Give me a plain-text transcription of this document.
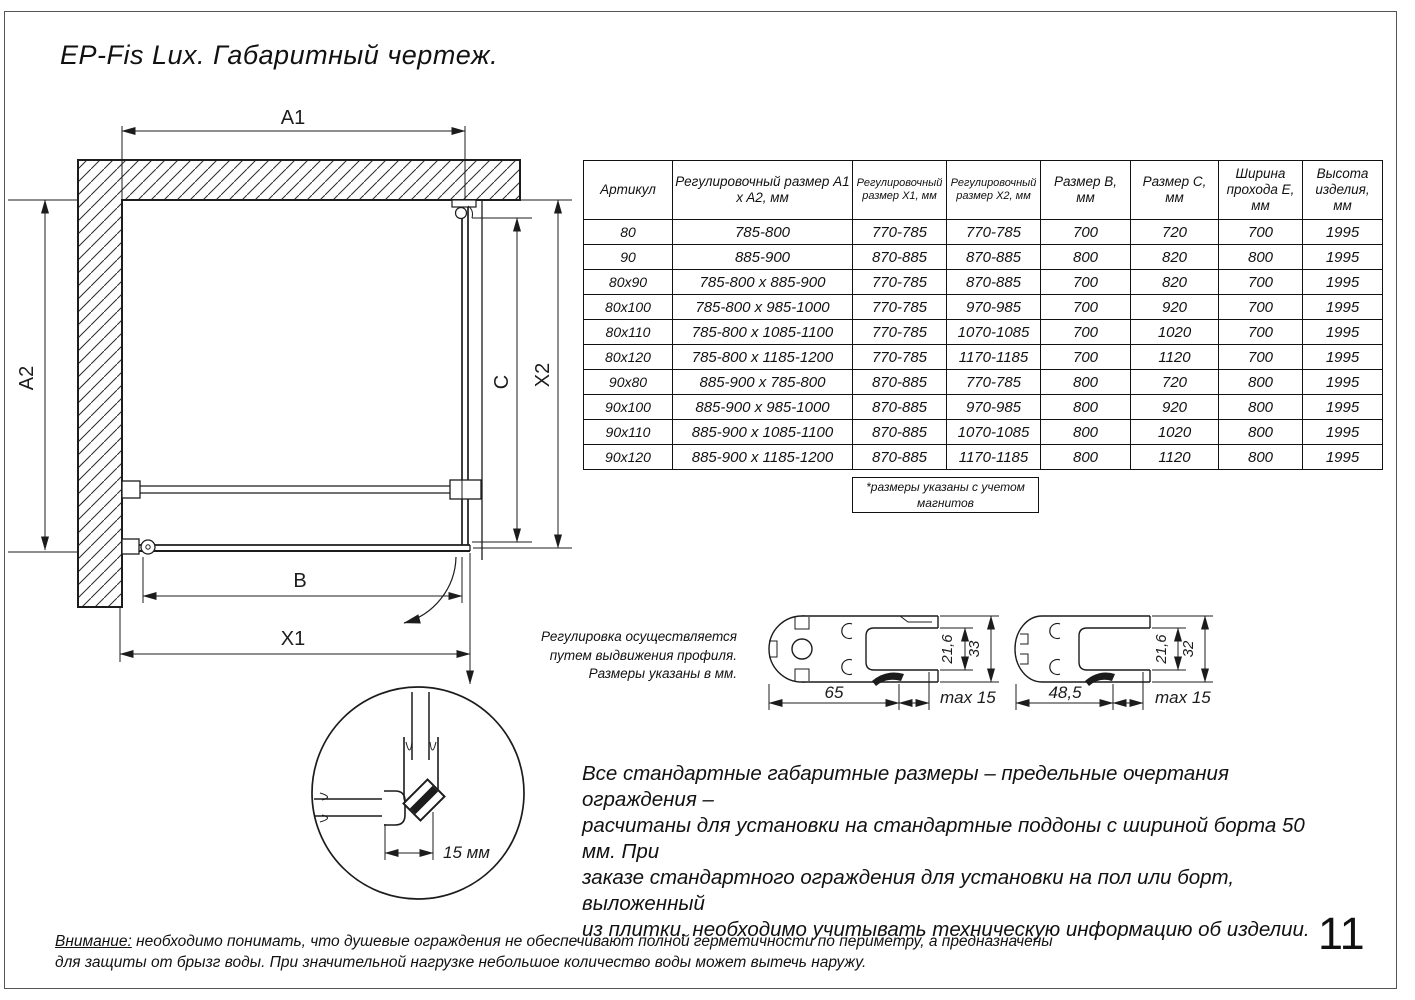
EP-Fis Lux. Габаритный чертеж.
A1
A2	X2
C
B
X1
15 мм
65	max 15
21,6 33
48,5	max 15
21,6 32
Артикул	Регулировочный размер A1 x A2, мм	Регулировочный размер X1, мм	Регулировочный размер X2, мм	Размер B, мм	Размер C, мм	Ширина прохода E, мм	Высота изделия, мм
80	785-800	770-785	770-785	700	720	700	1995
90	885-900	870-885	870-885	800	820	800	1995
80x90	785-800 x 885-900	770-785	870-885	700	820	700	1995
80x100	785-800 x 985-1000	770-785	970-985	700	920	700	1995
80x110	785-800 x 1085-1100	770-785	1070-1085	700	1020	700	1995
80x120	785-800 x 1185-1200	770-785	1170-1185	700	1120	700	1995
90x80	885-900 x 785-800	870-885	770-785	800	720	800	1995
90x100	885-900 x 985-1000	870-885	970-985	800	920	800	1995
90x110	885-900 x 1085-1100	870-885	1070-1085	800	1020	800	1995
90x120	885-900 x 1185-1200	870-885	1170-1185	800	1120	800	1995
*размеры указаны с учетом магнитов
Регулировка осуществляется
путем выдвижения профиля.
Размеры указаны в мм.
Все стандартные габаритные размеры – предельные очертания ограждения –
расчитаны для установки на стандартные поддоны с шириной борта 50 мм. При
заказе стандартного ограждения для установки на пол или борт, выложенный
из плитки, необходимо учитывать техническую информацию об изделии.
Внимание: необходимо понимать, что душевые ограждения не обеспечивают полной герметичности по периметру, а предназначены
для защиты от брызг воды. При значительной нагрузке небольшое количество воды может вытечь наружу.
11
